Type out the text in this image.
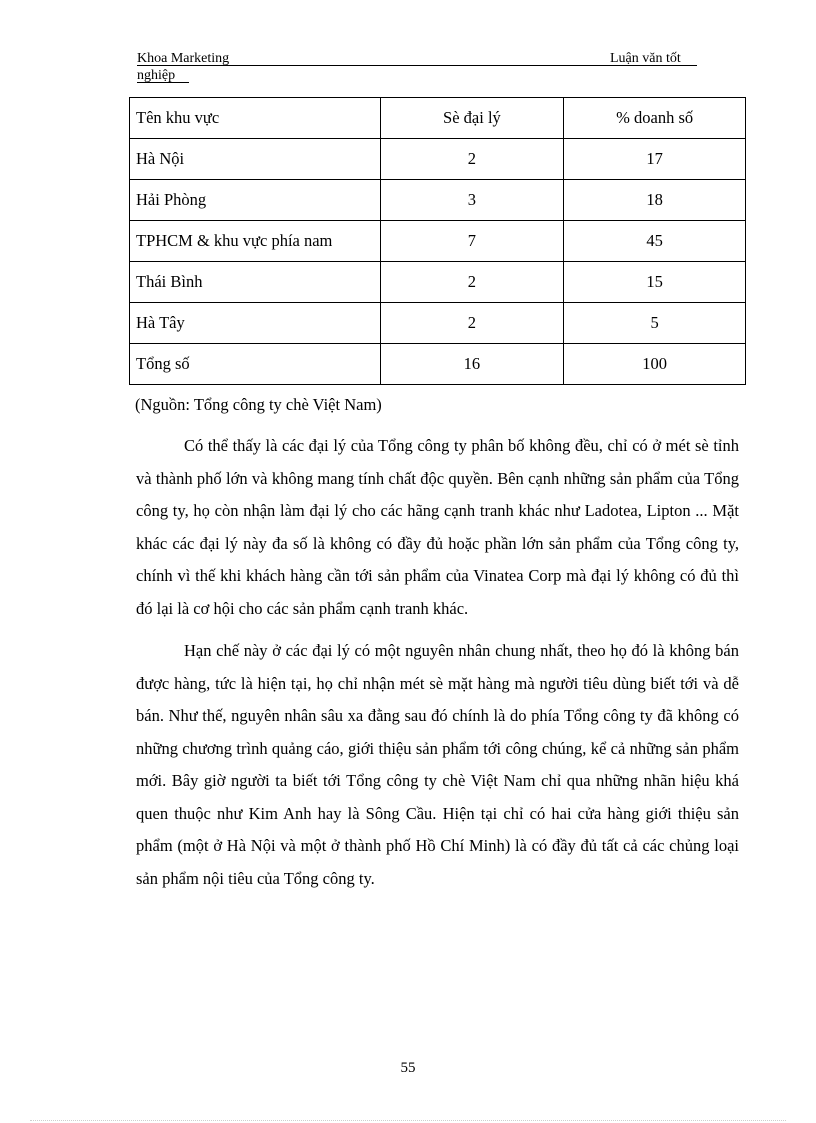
Khoa Marketing	Luận văn tốt
nghiệp
Tên khu vực	Sè đại lý	% doanh số
Hà Nội	2	17
Hải Phòng	3	18
TPHCM & khu vực phía nam	7	45
Thái Bình	2	15
Hà Tây	2	5
Tổng số	16	100
(Nguồn: Tổng công ty chè Việt Nam)

Có thể thấy là các đại lý của Tổng công ty phân bố không đều, chỉ có ở mét sè tỉnh và thành phố lớn và không mang tính chất độc quyền. Bên cạnh những sản phẩm của Tổng công ty, họ còn nhận làm đại lý cho các hãng cạnh tranh khác như Ladotea, Lipton ... Mặt khác các đại lý này đa số là không có đầy đủ hoặc phần lớn sản phẩm của Tổng công ty, chính vì thế khi khách hàng cần tới sản phẩm của Vinatea Corp mà đại lý không có đủ thì đó lại là cơ hội cho các sản phẩm cạnh tranh khác.

Hạn chế này ở các đại lý có một nguyên nhân chung nhất, theo họ đó là không bán được hàng, tức là hiện tại, họ chỉ nhận mét sè mặt hàng mà người tiêu dùng biết tới và dễ bán. Như thế, nguyên nhân sâu xa đằng sau đó chính là do phía Tổng công ty đã không có những chương trình quảng cáo, giới thiệu sản phẩm tới công chúng, kể cả những sản phẩm mới. Bây giờ người ta biết tới Tổng công ty chè Việt Nam chỉ qua những nhãn hiệu khá quen thuộc như Kim Anh hay là Sông Cầu. Hiện tại chỉ có hai cửa hàng giới thiệu sản phẩm (một ở Hà Nội và một ở thành phố Hồ Chí Minh) là có đầy đủ tất cả các chủng loại sản phẩm nội tiêu của Tổng công ty.

55
